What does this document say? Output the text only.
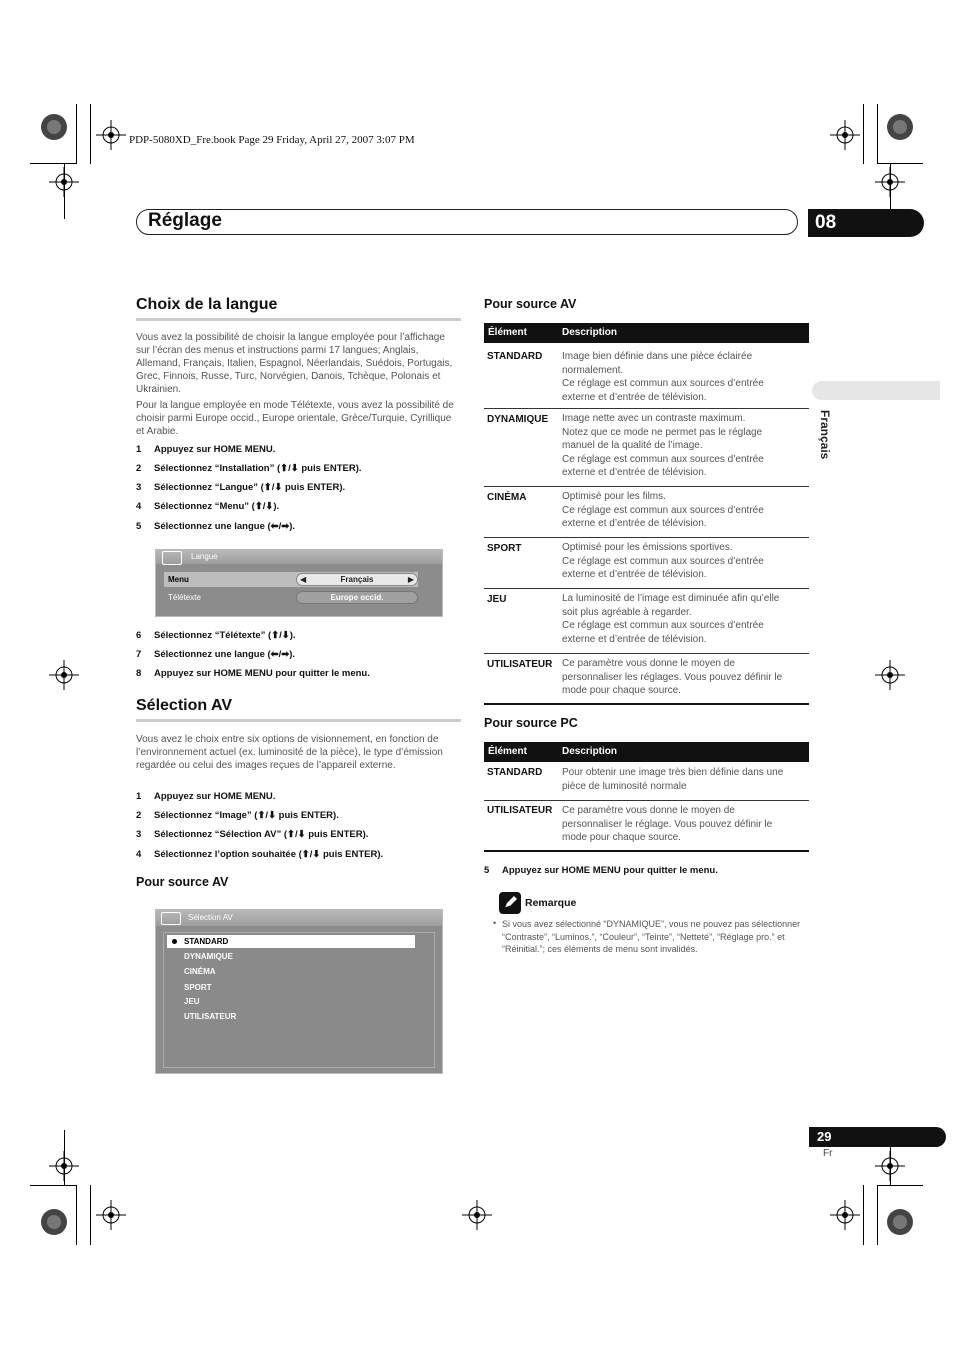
PDP-5080XD_Fre.book Page 29 Friday, April 27, 2007 3:07 PM
Réglage	08
Français
Choix de la langue

Vous avez la possibilité de choisir la langue employée pour l’affichage sur l’écran des menus et instructions parmi 17 langues; Anglais, Allemand, Français, Italien, Espagnol, Néerlandais, Suédois, Portugais, Grec, Finnois, Russe, Turc, Norvégien, Danois, Tchèque, Polonais et Ukrainien.

Pour la langue employée en mode Télétexte, vous avez la possibilité de choisir parmi Europe occid., Europe orientale, Grèce/Turquie, Cyrillique et Arabie.

1 Appuyez sur HOME MENU.
2 Sélectionnez “Installation” (⬆/⬇ puis ENTER).
3 Sélectionnez “Langue” (⬆/⬇ puis ENTER).
4 Sélectionnez “Menu” (⬆/⬇).
5 Sélectionnez une langue (⬅/➡).
Langue
Menu	◀	Français	▶
Télétexte	Europe occid.
6 Sélectionnez “Télétexte” (⬆/⬇).
7 Sélectionnez une langue (⬅/➡).
8 Appuyez sur HOME MENU pour quitter le menu.
Sélection AV

Vous avez le choix entre six options de visionnement, en fonction de l’environnement actuel (ex. luminosité de la pièce), le type d’émission regardée ou celui des images reçues de l’appareil externe.

1 Appuyez sur HOME MENU.
2 Sélectionnez “Image” (⬆/⬇ puis ENTER).
3 Sélectionnez “Sélection AV” (⬆/⬇ puis ENTER).
4 Sélectionnez l’option souhaitée (⬆/⬇ puis ENTER).
Pour source AV
Sélection AV
STANDARD
DYNAMIQUE
CINÉMA
SPORT
JEU
UTILISATEUR
Pour source AV
Élément	Description
STANDARD Image bien définie dans une pièce éclairée
normalement.
Ce réglage est commun aux sources d’entrée
externe et d’entrée de télévision.
DYNAMIQUE Image nette avec un contraste maximum.
Notez que ce mode ne permet pas le réglage
manuel de la qualité de l’image.
Ce réglage est commun aux sources d’entrée
externe et d’entrée de télévision.
CINÉMA	Optimisé pour les films.
Ce réglage est commun aux sources d’entrée
externe et d’entrée de télévision.
SPORT	Optimisé pour les émissions sportives.
Ce réglage est commun aux sources d’entrée
externe et d’entrée de télévision.
JEU	La luminosité de l’image est diminuée afin qu’elle
soit plus agréable à regarder.
Ce réglage est commun aux sources d’entrée
externe et d’entrée de télévision.
UTILISATEUR Ce paramètre vous donne le moyen de
personnaliser les réglages. Vous pouvez définir le
mode pour chaque source.
Pour source PC
Élément	Description
STANDARD Pour obtenir une image très bien définie dans une
pièce de luminosité normale
UTILISATEUR Ce paramètre vous donne le moyen de
personnaliser le réglage. Vous pouvez définir le
mode pour chaque source.
5 Appuyez sur HOME MENU pour quitter le menu.
Remarque
• Si vous avez sélectionné “DYNAMIQUE”, vous ne pouvez pas sélectionner “Contraste”, “Luminos.”, “Couleur”, “Teinte”, “Netteté”, “Réglage pro.” et “Réinitial.”; ces éléments de menu sont invalidés.
29
Fr
